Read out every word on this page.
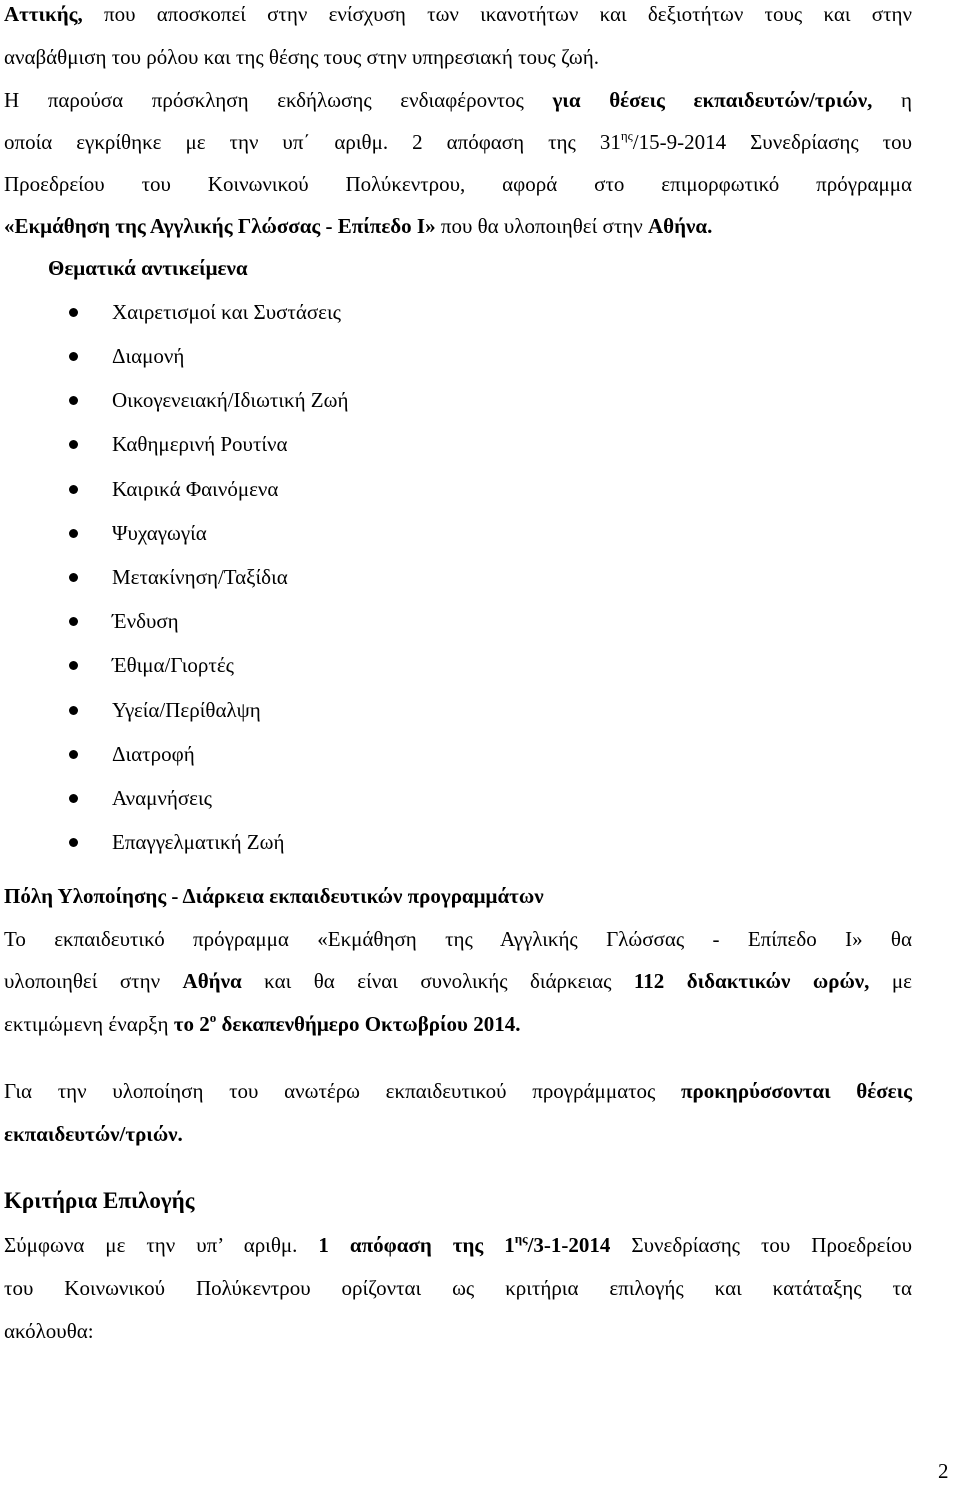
Αττικής, που αποσκοπεί στην ενίσχυση των ικανοτήτων και δεξιοτήτων τους και στην
αναβάθμιση του ρόλου και της θέσης τους στην υπηρεσιακή τους ζωή.
Η παρούσα πρόσκληση εκδήλωσης ενδιαφέροντος για θέσεις εκπαιδευτών/τριών, η
οποία εγκρίθηκε με την υπ΄ αριθμ. 2 απόφαση της $31^{\eta\varsigma}/15-9-2014$ Συνεδρίασης του
Προεδρείου του Κοινωνικού Πολύκεντρου, αφορά στο επιμορφωτικό πρόγραμμα
«Εκμάθηση της Αγγλικής Γλώσσας - Επίπεδο Ι» που θα υλοποιηθεί στην Αθήνα.
Θεματικά αντικείμενα
Χαιρετισμοί και Συστάσεις
Διαμονή
Οικογενειακή/Ιδιωτική Ζωή
Καθημερινή Ρουτίνα
Καιρικά Φαινόμενα
Ψυχαγωγία
Μετακίνηση/Ταξίδια
Ένδυση
Έθιμα/Γιορτές
Υγεία/Περίθαλψη
Διατροφή
Αναμνήσεις
Επαγγελματική Ζωή
Πόλη Υλοποίησης - Διάρκεια εκπαιδευτικών προγραμμάτων
Το εκπαιδευτικό πρόγραμμα «Εκμάθηση της Αγγλικής Γλώσσας - Επίπεδο Ι» θα
υλοποιηθεί στην Αθήνα και θα είναι συνολικής διάρκειας 112 διδακτικών ωρών, με
εκτιμώμενη έναρξη το $2^o$ δεκαπενθήμερο Οκτωβρίου 2014.
Για την υλοποίηση του ανωτέρω εκπαιδευτικού προγράμματος προκηρύσσονται θέσεις
εκπαιδευτών/τριών.
Κριτήρια Επιλογής
Σύμφωνα με την υπ’ αριθμ. 1 απόφαση της $1^{\eta\varsigma}/3-1-2014$ Συνεδρίασης του Προεδρείου
του Κοινωνικού Πολύκεντρου ορίζονται ως κριτήρια επιλογής και κατάταξης τα
ακόλουθα:
2
